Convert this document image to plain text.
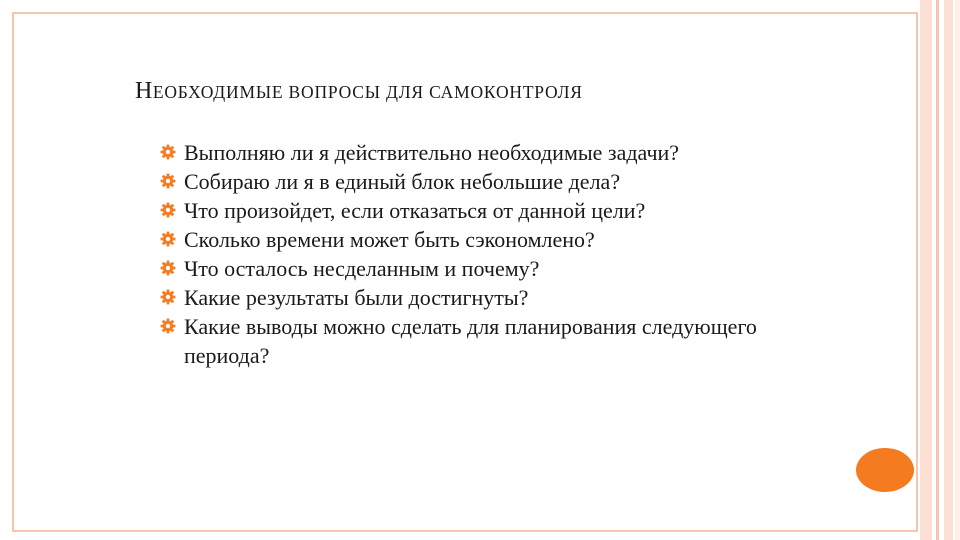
НЕОБХОДИМЫЕ ВОПРОСЫ ДЛЯ САМОКОНТРОЛЯ
Выполняю ли я действительно необходимые задачи?
Собираю ли я в единый блок небольшие дела?
Что произойдет, если отказаться от данной цели?
Сколько времени может быть сэкономлено?
Что осталось несделанным и почему?
Какие результаты были достигнуты?
Какие выводы можно сделать для планирования следующего периода?
